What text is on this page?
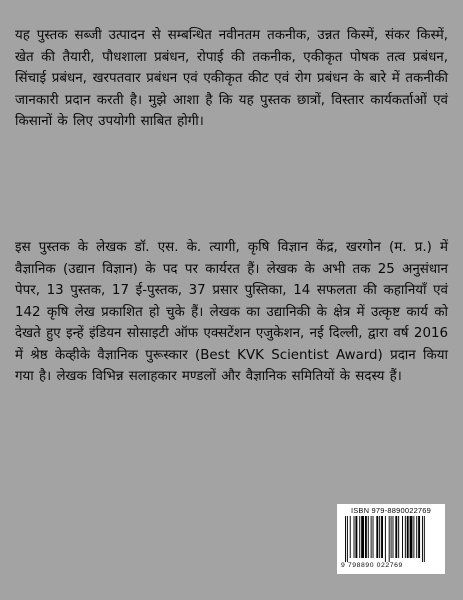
यह पुस्तक सब्जी उत्पादन से सम्बन्धित नवीनतम तकनीक, उन्नत किस्में, संकर किस्में, खेत की तैयारी, पौधशाला प्रबंधन, रोपाई की तकनीक, एकीकृत पोषक तत्व प्रबंधन, सिंचाई प्रबंधन, खरपतवार प्रबंधन एवं एकीकृत कीट एवं रोग प्रबंधन के बारे में तकनीकी जानकारी प्रदान करती है। मुझे आशा है कि यह पुस्तक छात्रों, विस्तार कार्यकर्ताओं एवं किसानों के लिए उपयोगी साबित होगी।

इस पुस्तक के लेखक डॉ. एस. के. त्यागी, कृषि विज्ञान केंद्र, खरगोन (म. प्र.) में वैज्ञानिक (उद्यान विज्ञान) के पद पर कार्यरत हैं। लेखक के अभी तक 25 अनुसंधान पेपर, 13 पुस्तक, 17 ई-पुस्तक, 37 प्रसार पुस्तिका, 14 सफलता की कहानियाँ एवं 142 कृषि लेख प्रकाशित हो चुके हैं। लेखक का उद्यानिकी के क्षेत्र में उत्कृष्ट कार्य को देखते हुए इन्हें इंडियन सोसाइटी ऑफ एक्सटेंशन एजुकेशन, नई दिल्ली, द्वारा वर्ष 2016 में श्रेष्ठ केव्हीके वैज्ञानिक पुरूस्कार (Best KVK Scientist Award) प्रदान किया गया है। लेखक विभिन्न सलाहकार मण्डलों और वैज्ञानिक समितियों के सदस्य हैं।

ISBN 979-8890022769
9 798890 022769
